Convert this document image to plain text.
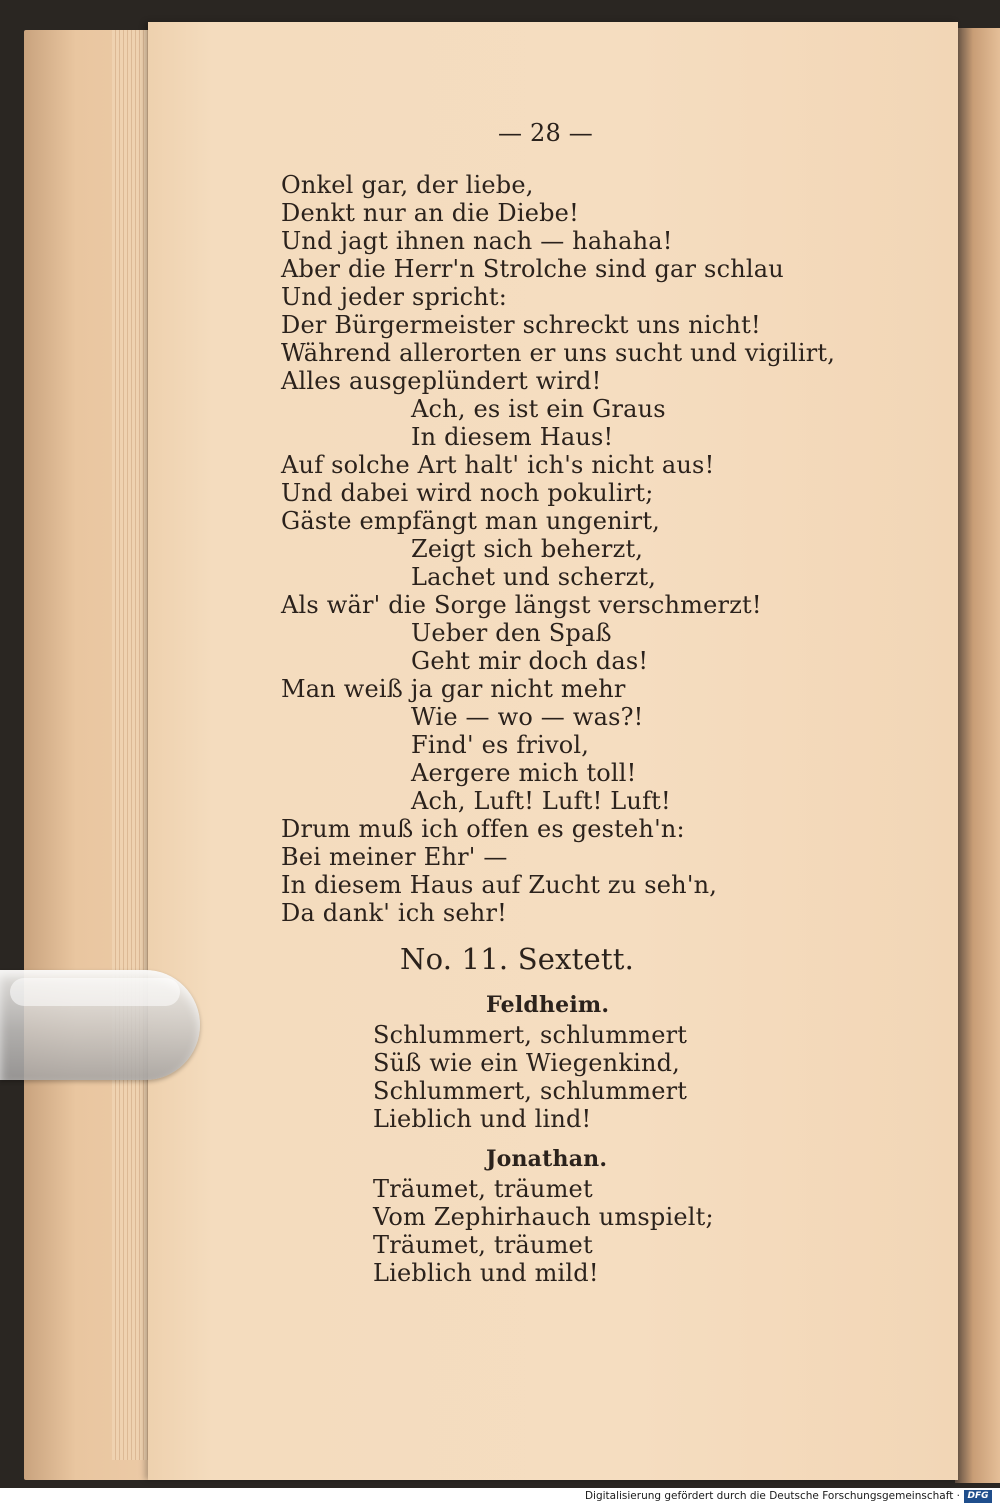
— 28 —
Onkel gar, der liebe,
Denkt nur an die Diebe!
Und jagt ihnen nach — hahaha!
Aber die Herr'n Strolche sind gar schlau
Und jeder spricht:
Der Bürgermeister schreckt uns nicht!
Während allerorten er uns sucht und vigilirt,
Alles ausgeplündert wird!
Ach, es ist ein Graus
In diesem Haus!
Auf solche Art halt' ich's nicht aus!
Und dabei wird noch pokulirt;
Gäste empfängt man ungenirt,
Zeigt sich beherzt,
Lachet und scherzt,
Als wär' die Sorge längst verschmerzt!
Ueber den Spaß
Geht mir doch das!
Man weiß ja gar nicht mehr
Wie — wo — was?!
Find' es frivol,
Aergere mich toll!
Ach, Luft! Luft! Luft!
Drum muß ich offen es gesteh'n:
Bei meiner Ehr' —
In diesem Haus auf Zucht zu seh'n,
Da dank' ich sehr!
No. 11. Sextett.
Feldheim.
Schlummert, schlummert
Süß wie ein Wiegenkind,
Schlummert, schlummert
Lieblich und lind!
Jonathan.
Träumet, träumet
Vom Zephirhauch umspielt;
Träumet, träumet
Lieblich und mild!
Digitalisierung gefördert durch die Deutsche Forschungsgemeinschaft · DFG
